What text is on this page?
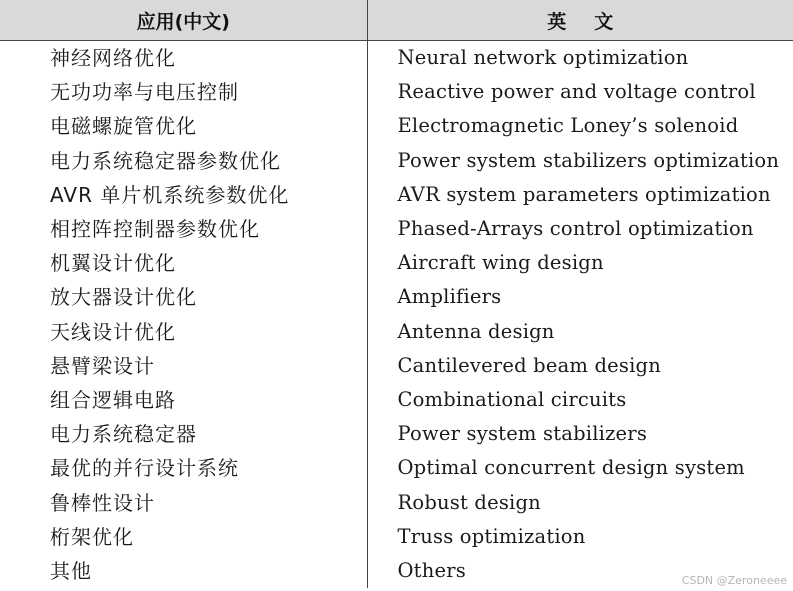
应用(中文)	英文
神经网络优化	Neural network optimization
无功功率与电压控制	Reactive power and voltage control
电磁螺旋管优化	Electromagnetic Loney’s solenoid
电力系统稳定器参数优化	Power system stabilizers optimization
AVR 单片机系统参数优化	AVR system parameters optimization
相控阵控制器参数优化	Phased-Arrays control optimization
机翼设计优化	Aircraft wing design
放大器设计优化	Amplifiers
天线设计优化	Antenna design
悬臂梁设计	Cantilevered beam design
组合逻辑电路	Combinational circuits
电力系统稳定器	Power system stabilizers
最优的并行设计系统	Optimal concurrent design system
鲁棒性设计	Robust design
桁架优化	Truss optimization
其他	Others	CSDN @Zeroneeee
